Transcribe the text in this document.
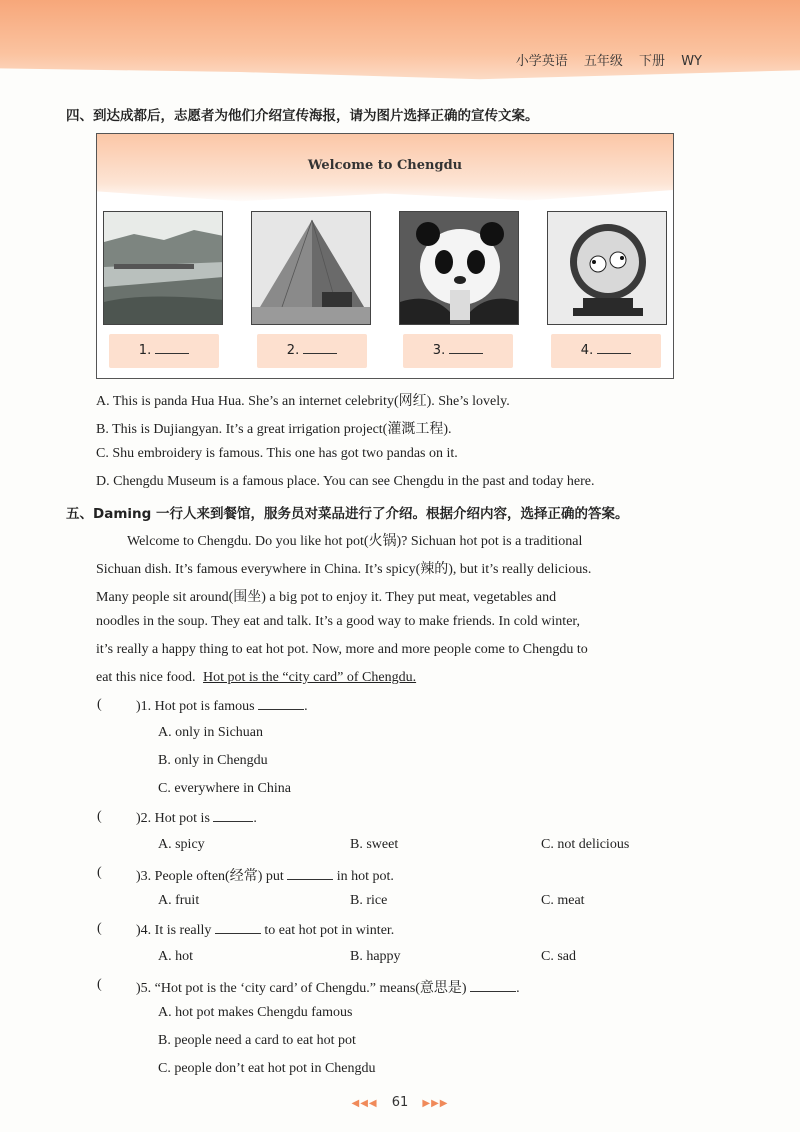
小学英语 五年级 下册 WY
四、到达成都后，志愿者为他们介绍宣传海报，请为图片选择正确的宣传文案。
Welcome to Chengdu
1.	2.	3.	4.
A. This is panda Hua Hua. She’s an internet celebrity(网红). She’s lovely.
B. This is Dujiangyan. It’s a great irrigation project(灌溉工程).
C. Shu embroidery is famous. This one has got two pandas on it.
D. Chengdu Museum is a famous place. You can see Chengdu in the past and today here.
五、Daming 一行人来到餐馆，服务员对菜品进行了介绍。根据介绍内容，选择正确的答案。
Welcome to Chengdu. Do you like hot pot(火锅)? Sichuan hot pot is a traditional
Sichuan dish. It’s famous everywhere in China. It’s spicy(辣的), but it’s really delicious.
Many people sit around(围坐) a big pot to enjoy it. They put meat, vegetables and
noodles in the soup. They eat and talk. It’s a good way to make friends. In cold winter,
it’s really a happy thing to eat hot pot. Now, more and more people come to Chengdu to
eat this nice food. Hot pot is the “city card” of Chengdu.
( )1. Hot pot is famous	.
A. only in Sichuan
B. only in Chengdu
C. everywhere in China
( )2. Hot pot is	.
A. spicy	B. sweet	C. not delicious
( )3. People often(经常) put	in hot pot.
A. fruit	B. rice	C. meat
( )4. It is really	to eat hot pot in winter.
A. hot	B. happy	C. sad
( )5. “Hot pot is the ‘city card’ of Chengdu.” means(意思是)	.
A. hot pot makes Chengdu famous
B. people need a card to eat hot pot
C. people don’t eat hot pot in Chengdu
◀◀◀ 61 ▶▶▶
